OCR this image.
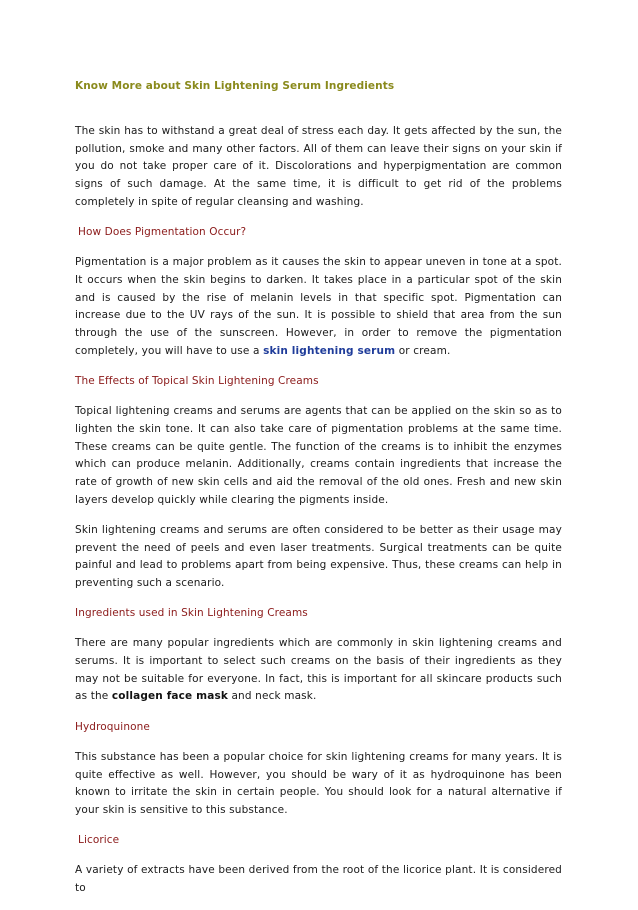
Know More about Skin Lightening Serum Ingredients

The skin has to withstand a great deal of stress each day. It gets affected by the sun, the pollution, smoke and many other factors. All of them can leave their signs on your skin if you do not take proper care of it. Discolorations and hyperpigmentation are common signs of such damage. At the same time, it is difficult to get rid of the problems completely in spite of regular cleansing and washing.

How Does Pigmentation Occur?

Pigmentation is a major problem as it causes the skin to appear uneven in tone at a spot. It occurs when the skin begins to darken. It takes place in a particular spot of the skin and is caused by the rise of melanin levels in that specific spot. Pigmentation can increase due to the UV rays of the sun. It is possible to shield that area from the sun through the use of the sunscreen. However, in order to remove the pigmentation completely, you will have to use a skin lightening serum or cream.

The Effects of Topical Skin Lightening Creams

Topical lightening creams and serums are agents that can be applied on the skin so as to lighten the skin tone. It can also take care of pigmentation problems at the same time. These creams can be quite gentle. The function of the creams is to inhibit the enzymes which can produce melanin. Additionally, creams contain ingredients that increase the rate of growth of new skin cells and aid the removal of the old ones. Fresh and new skin layers develop quickly while clearing the pigments inside.

Skin lightening creams and serums are often considered to be better as their usage may prevent the need of peels and even laser treatments. Surgical treatments can be quite painful and lead to problems apart from being expensive. Thus, these creams can help in preventing such a scenario.

Ingredients used in Skin Lightening Creams

There are many popular ingredients which are commonly in skin lightening creams and serums. It is important to select such creams on the basis of their ingredients as they may not be suitable for everyone. In fact, this is important for all skincare products such as the collagen face mask and neck mask.

Hydroquinone

This substance has been a popular choice for skin lightening creams for many years. It is quite effective as well. However, you should be wary of it as hydroquinone has been known to irritate the skin in certain people. You should look for a natural alternative if your skin is sensitive to this substance.

Licorice

A variety of extracts have been derived from the root of the licorice plant. It is considered to
